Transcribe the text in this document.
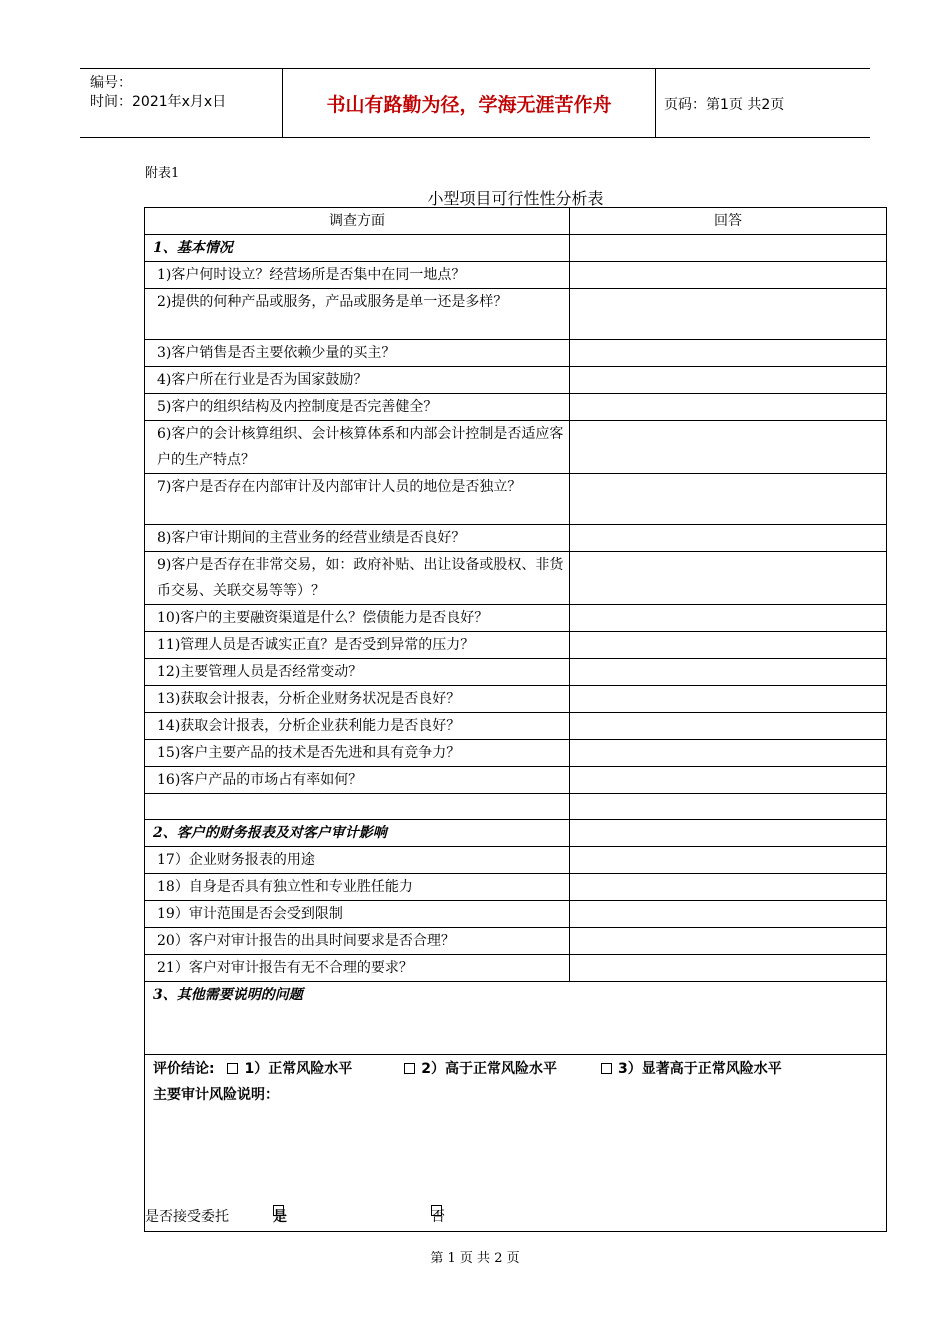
编号：
时间：2021年x月x日	书山有路勤为径，学海无涯苦作舟	页码：第1页 共2页
附表1
小型项目可行性性分析表
调查方面	回答
1、基本情况	
1)客户何时设立？经营场所是否集中在同一地点？	
2)提供的何种产品或服务，产品或服务是单一还是多样？	
3)客户销售是否主要依赖少量的买主？	
4)客户所在行业是否为国家鼓励？	
5)客户的组织结构及内控制度是否完善健全？	
6)客户的会计核算组织、会计核算体系和内部会计控制是否适应客户的生产特点？	
7)客户是否存在内部审计及内部审计人员的地位是否独立？	
8)客户审计期间的主营业务的经营业绩是否良好？	
9)客户是否存在非常交易，如：政府补贴、出让设备或股权、非货币交易、关联交易等等）？	
10)客户的主要融资渠道是什么？偿债能力是否良好？	
11)管理人员是否诚实正直？是否受到异常的压力？	
12)主要管理人员是否经常变动？	
13)获取会计报表，分析企业财务状况是否良好？	
14)获取会计报表，分析企业获利能力是否良好？	
15)客户主要产品的技术是否先进和具有竞争力？	
16)客户产品的市场占有率如何？	

2、客户的财务报表及对客户审计影响	
17）企业财务报表的用途	
18）自身是否具有独立性和专业胜任能力	
19）审计范围是否会受到限制	
20）客户对审计报告的出具时间要求是否合理？	
21）客户对审计报告有无不合理的要求？	
3、其他需要说明的问题	

评价结论: 1）正常风险水平 2）高于正常风险水平 3）显著高于正常风险水平
主要审计风险说明：	
是否接受委托	是	否
第 1 页 共 2 页
